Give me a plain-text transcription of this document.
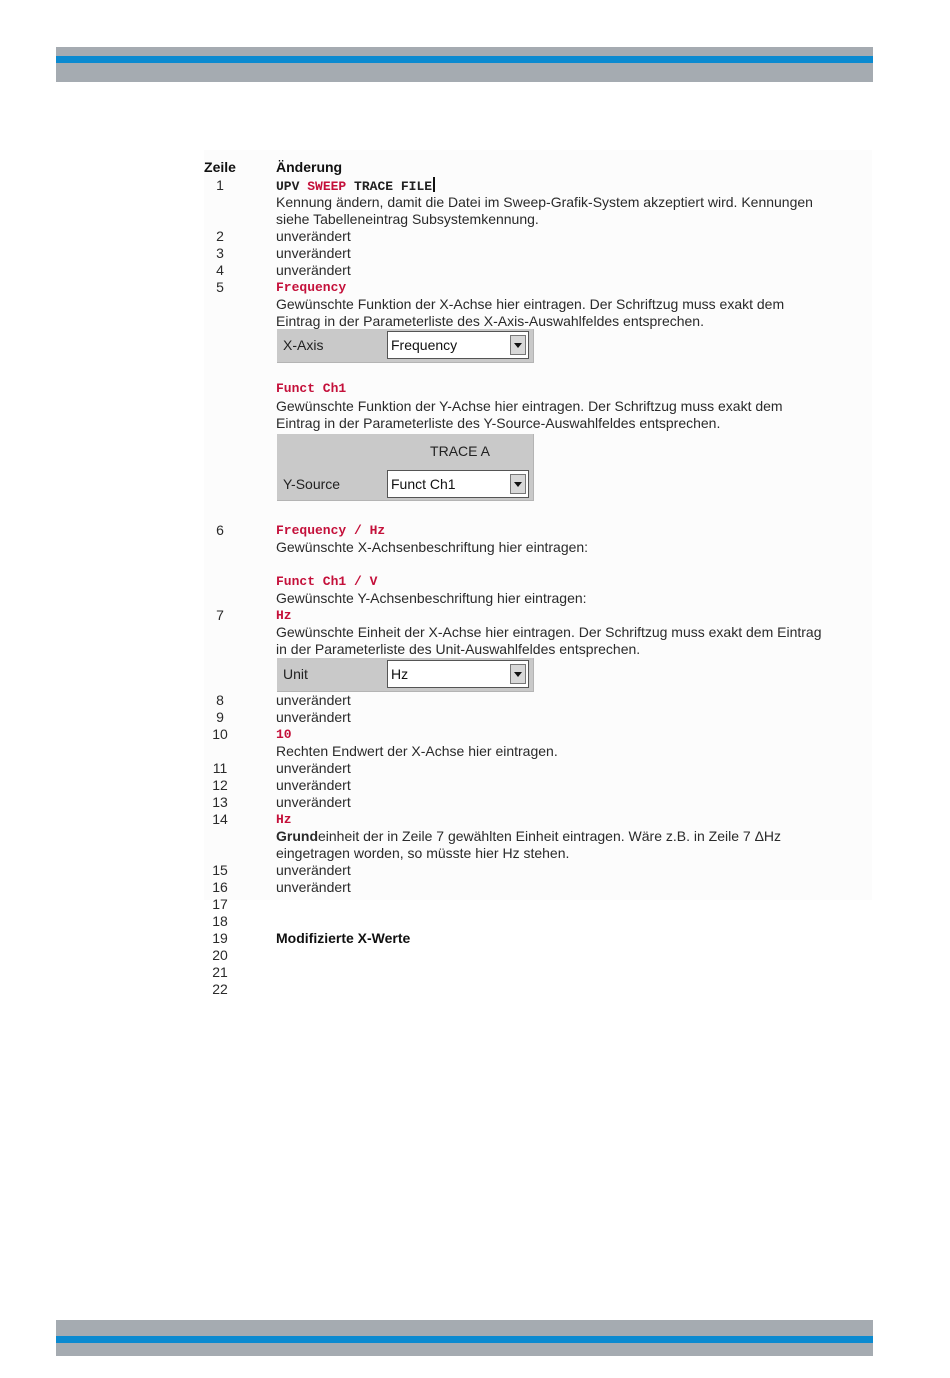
Zeile	Änderung
1	UPV SWEEP TRACE FILE
Kennung ändern, damit die Datei im Sweep-Grafik-System akzeptiert wird. Kennungen
siehe Tabelleneintrag Subsystemkennung.
2	unverändert
3	unverändert
4	unverändert
5	Frequency
Gewünschte Funktion der X-Achse hier eintragen. Der Schriftzug muss exakt dem
Eintrag in der Parameterliste des X-Axis-Auswahlfeldes entsprechen.
X-Axis	Frequency
Funct Ch1
Gewünschte Funktion der Y-Achse hier eintragen. Der Schriftzug muss exakt dem
Eintrag in der Parameterliste des Y-Source-Auswahlfeldes entsprechen.
TRACE A
Y-Source	Funct Ch1
6	Frequency / Hz
Gewünschte X-Achsenbeschriftung hier eintragen:
Funct Ch1 / V
Gewünschte Y-Achsenbeschriftung hier eintragen:
7	Hz
Gewünschte Einheit der X-Achse hier eintragen. Der Schriftzug muss exakt dem Eintrag
in der Parameterliste des Unit-Auswahlfeldes entsprechen.
Unit	Hz
8	unverändert
9	unverändert
10	10
Rechten Endwert der X-Achse hier eintragen.
11	unverändert
12	unverändert
13	unverändert
14	Hz
Grundeinheit der in Zeile 7 gewählten Einheit eintragen. Wäre z.B. in Zeile 7 ΔHz
eingetragen worden, so müsste hier Hz stehen.
15	unverändert
16	unverändert
17
18
19	Modifizierte X-Werte
20
21
22
